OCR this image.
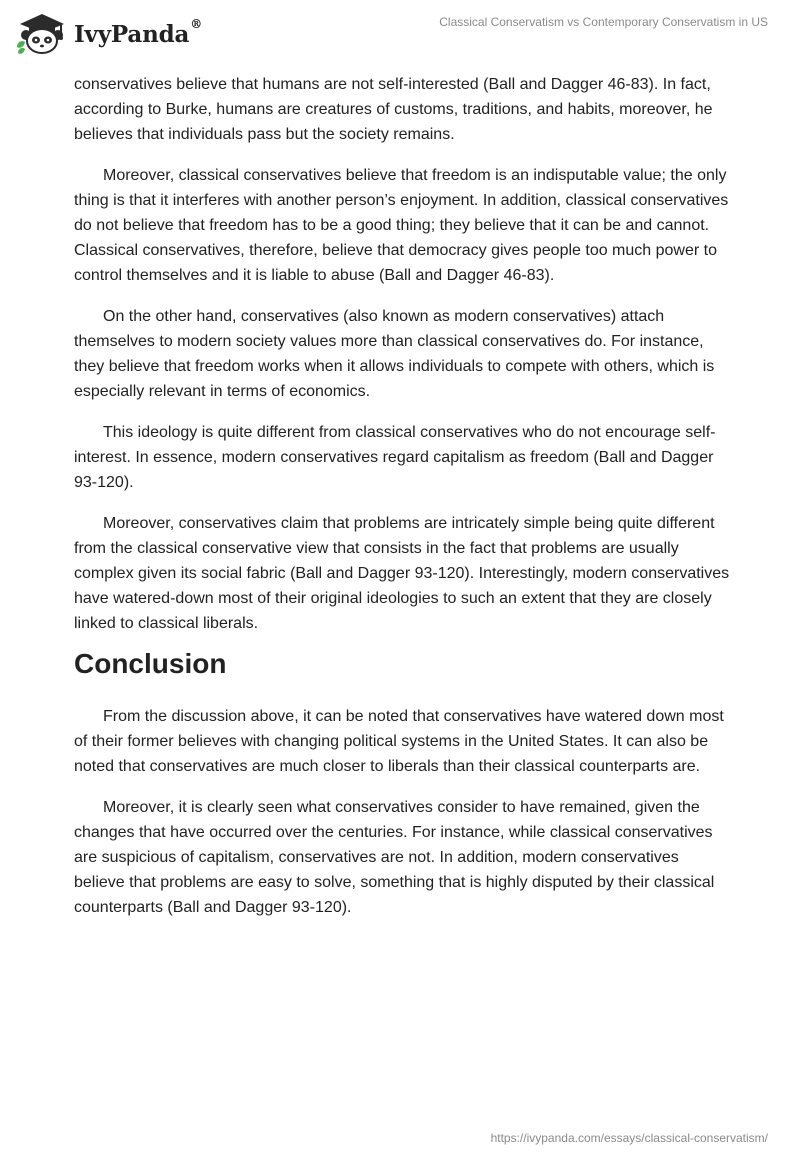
IvyPanda®	Classical Conservatism vs Contemporary Conservatism in US

conservatives believe that humans are not self-interested (Ball and Dagger 46-83). In fact, according to Burke, humans are creatures of customs, traditions, and habits, moreover, he believes that individuals pass but the society remains.

Moreover, classical conservatives believe that freedom is an indisputable value; the only thing is that it interferes with another person’s enjoyment. In addition, classical conservatives do not believe that freedom has to be a good thing; they believe that it can be and cannot. Classical conservatives, therefore, believe that democracy gives people too much power to control themselves and it is liable to abuse (Ball and Dagger 46-83).

On the other hand, conservatives (also known as modern conservatives) attach themselves to modern society values more than classical conservatives do. For instance, they believe that freedom works when it allows individuals to compete with others, which is especially relevant in terms of economics.

This ideology is quite different from classical conservatives who do not encourage self-interest. In essence, modern conservatives regard capitalism as freedom (Ball and Dagger 93-120).

Moreover, conservatives claim that problems are intricately simple being quite different from the classical conservative view that consists in the fact that problems are usually complex given its social fabric (Ball and Dagger 93-120). Interestingly, modern conservatives have watered-down most of their original ideologies to such an extent that they are closely linked to classical liberals.

Conclusion

From the discussion above, it can be noted that conservatives have watered down most of their former believes with changing political systems in the United States. It can also be noted that conservatives are much closer to liberals than their classical counterparts are.

Moreover, it is clearly seen what conservatives consider to have remained, given the changes that have occurred over the centuries. For instance, while classical conservatives are suspicious of capitalism, conservatives are not. In addition, modern conservatives believe that problems are easy to solve, something that is highly disputed by their classical counterparts (Ball and Dagger 93-120).

https://ivypanda.com/essays/classical-conservatism/
